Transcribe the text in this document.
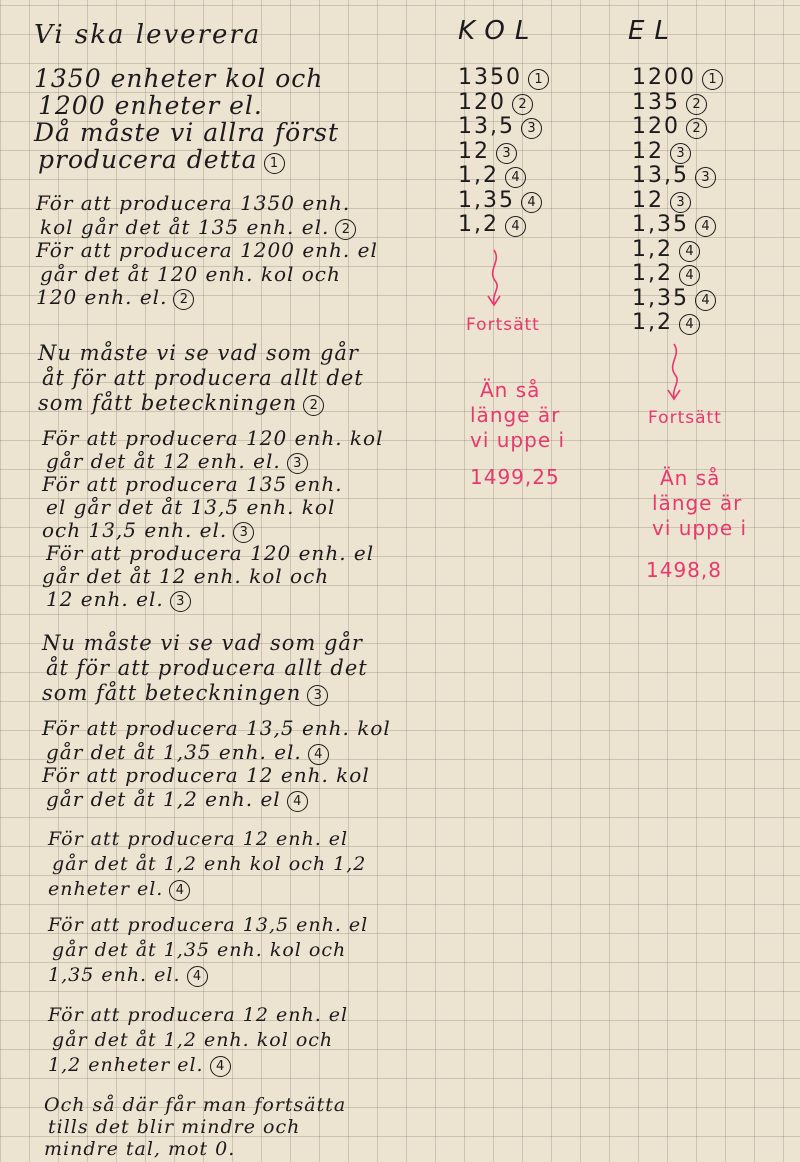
Vi ska leverera	KOL
1350 1
120 2
13,5 3
12 3
1,2 4
1,35 4
1,2 4
Fortsätt
Än så
länge är
vi uppe i
1499,25
EL
1200 1
135 2
120 2
12 3
13,5 3
12 3
1,35 4
1,2 4
1,2 4
1,35 4
1,2 4
Fortsätt
Än så
länge är
vi uppe i
1498,8
1350 enheter kol och
1200 enheter el.
Då måste vi allra först
producera detta 1
För att producera 1350 enh.
kol går det åt 135 enh. el. 2
För att producera 1200 enh. el
går det åt 120 enh. kol och
120 enh. el. 2
Nu måste vi se vad som går
åt för att producera allt det
som fått beteckningen 2
För att producera 120 enh. kol
går det åt 12 enh. el. 3
För att producera 135 enh.
el går det åt 13,5 enh. kol
och 13,5 enh. el. 3
För att producera 120 enh. el
går det åt 12 enh. kol och
12 enh. el. 3
Nu måste vi se vad som går
åt för att producera allt det
som fått beteckningen 3
För att producera 13,5 enh. kol
går det åt 1,35 enh. el. 4
För att producera 12 enh. kol
går det åt 1,2 enh. el 4
För att producera 12 enh. el
går det åt 1,2 enh kol och 1,2
enheter el. 4
För att producera 13,5 enh. el
går det åt 1,35 enh. kol och
1,35 enh. el. 4
För att producera 12 enh. el
går det åt 1,2 enh. kol och
1,2 enheter el. 4
Och så där får man fortsätta
tills det blir mindre och
mindre tal, mot 0.
